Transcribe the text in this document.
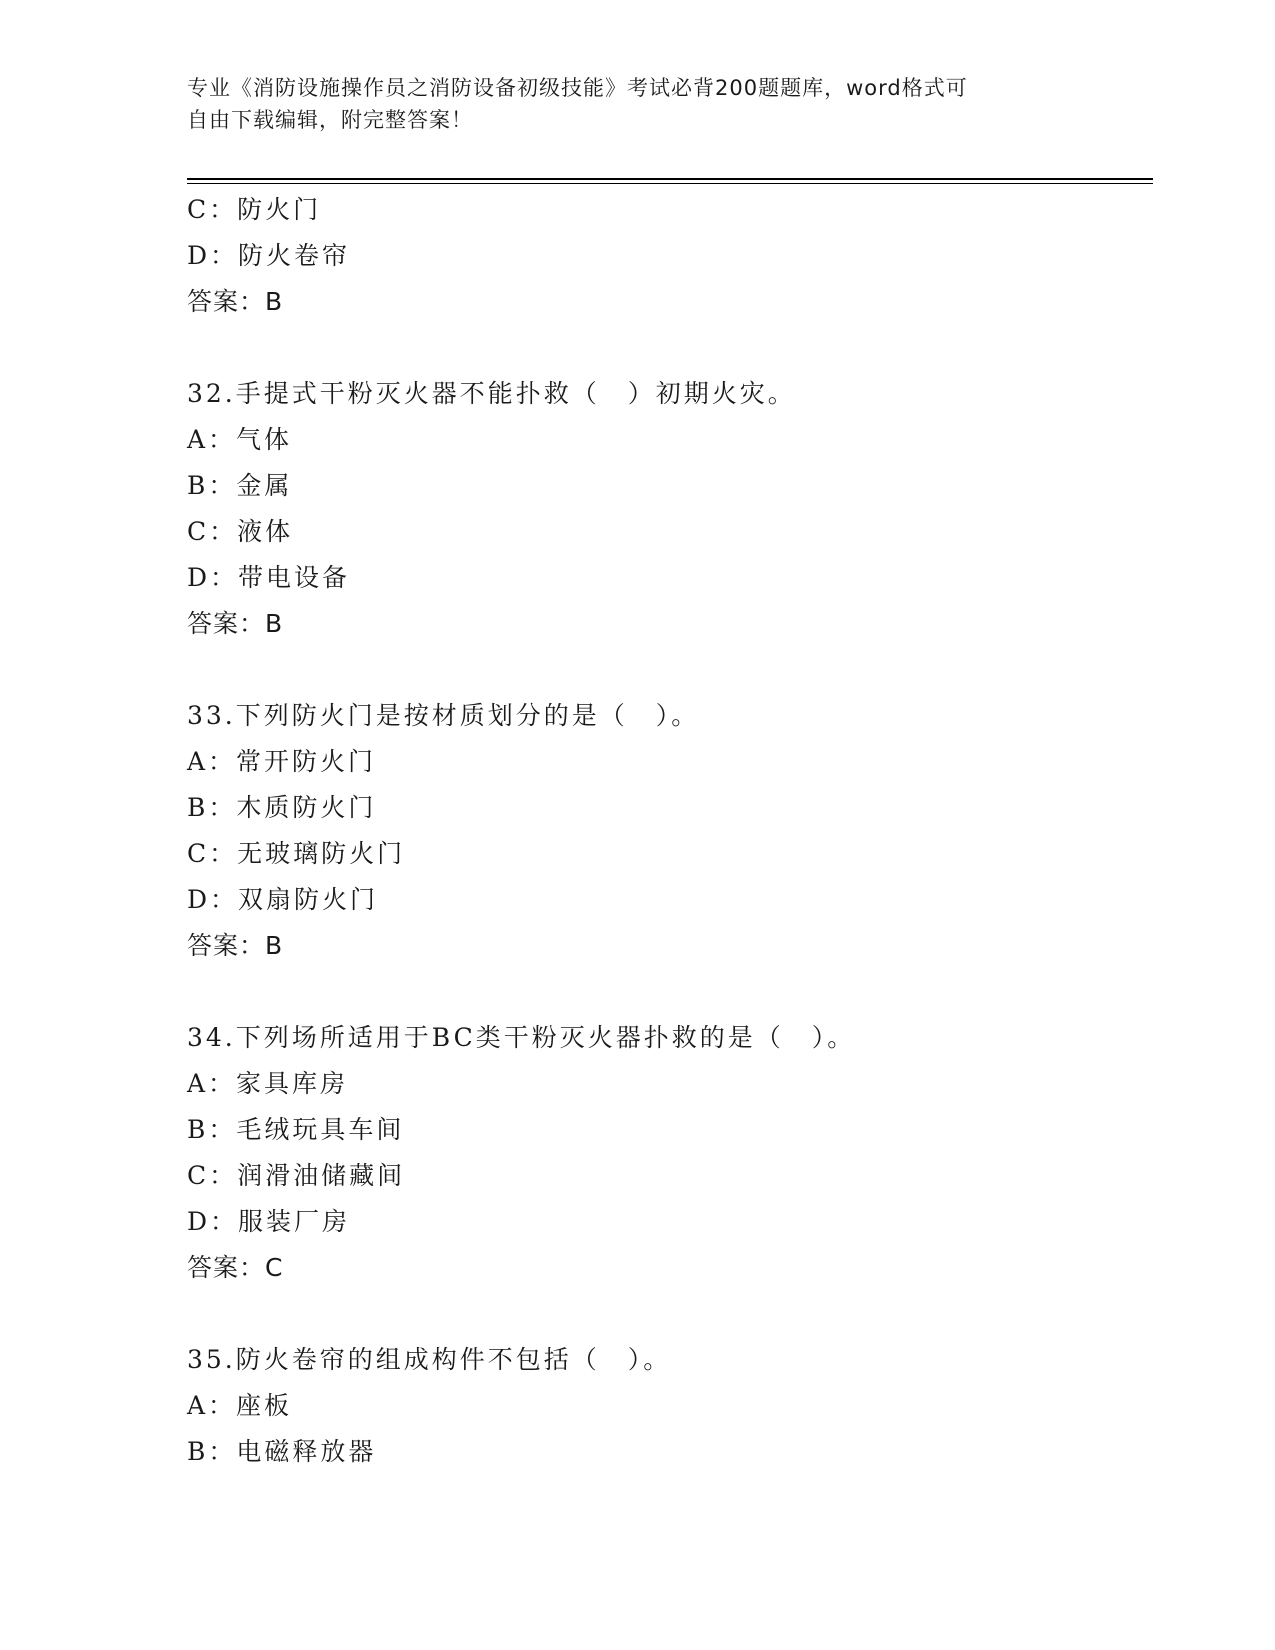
专业《消防设施操作员之消防设备初级技能》考试必背200题题库，word格式可
自由下载编辑，附完整答案！
C：防火门
D：防火卷帘
答案：B
32.手提式干粉灭火器不能扑救（　）初期火灾。
A：气体
B：金属
C：液体
D：带电设备
答案：B
33.下列防火门是按材质划分的是（　）。
A：常开防火门
B：木质防火门
C：无玻璃防火门
D：双扇防火门
答案：B
34.下列场所适用于BC类干粉灭火器扑救的是（　）。
A：家具库房
B：毛绒玩具车间
C：润滑油储藏间
D：服装厂房
答案：C
35.防火卷帘的组成构件不包括（　）。
A：座板
B：电磁释放器
